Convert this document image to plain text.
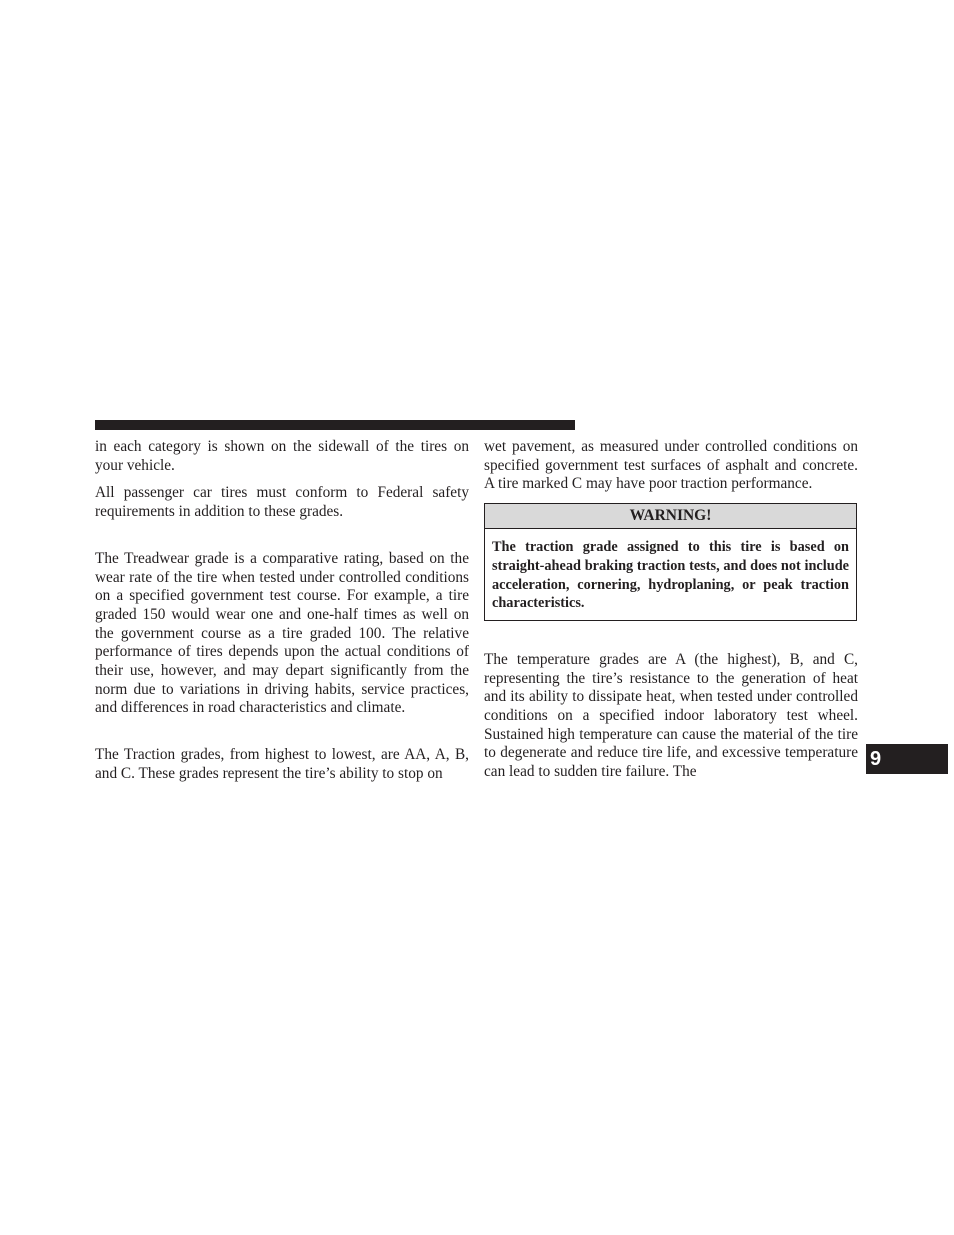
in each category is shown on the sidewall of the tires on your vehicle.

All passenger car tires must conform to Federal safety requirements in addition to these grades.

The Treadwear grade is a comparative rating, based on the wear rate of the tire when tested under controlled conditions on a specified government test course. For example, a tire graded 150 would wear one and one-half times as well on the government course as a tire graded 100. The relative performance of tires depends upon the actual conditions of their use, however, and may depart significantly from the norm due to variations in driving habits, service practices, and differences in road characteristics and climate.

The Traction grades, from highest to lowest, are AA, A, B, and C. These grades represent the tire’s ability to stop on

wet pavement, as measured under controlled conditions on specified government test surfaces of asphalt and concrete. A tire marked C may have poor traction performance.

WARNING!
The traction grade assigned to this tire is based on straight-ahead braking traction tests, and does not include acceleration, cornering, hydroplaning, or peak traction characteristics.

The temperature grades are A (the highest), B, and C, representing the tire’s resistance to the generation of heat and its ability to dissipate heat, when tested under controlled conditions on a specified indoor laboratory test wheel. Sustained high temperature can cause the material of the tire to degenerate and reduce tire life, and excessive temperature can lead to sudden tire failure. The

9
